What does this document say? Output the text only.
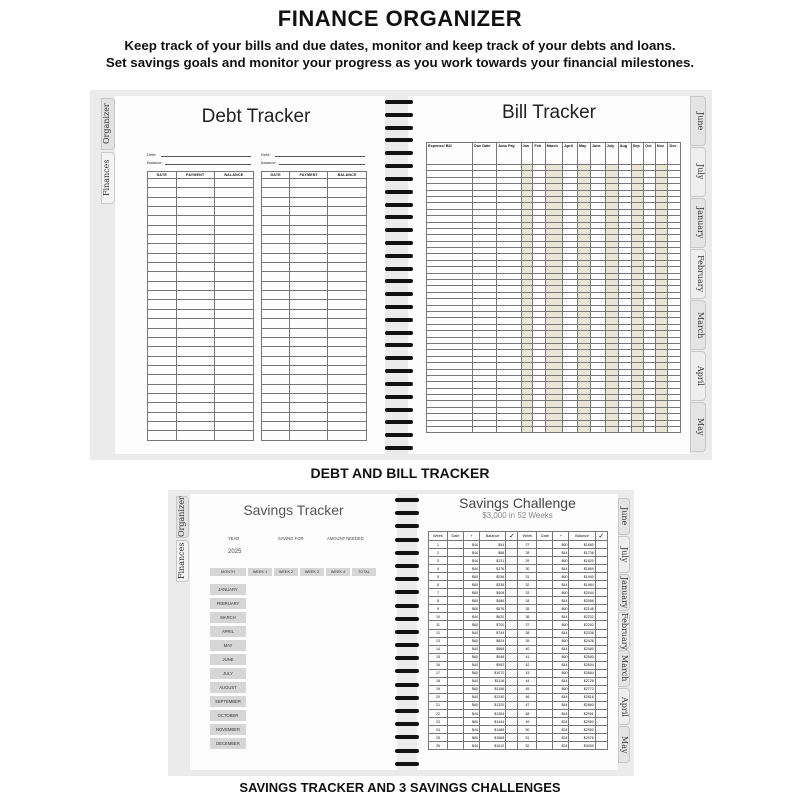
FINANCE ORGANIZER
Keep track of your bills and due dates, monitor and keep track of your debts and loans.
Set savings goals and monitor your progress as you work towards your financial milestones.
Debt Tracker
Debt:
Balance:
Debt:
Balance:
DATE	PAYMENT	BALANCE

			DATE	PAYMENT	BALANCE

Organizer
Finances
Bill Tracker
Expense/ Bill	Due Date	Auto Pay	Jan	Feb	March	April	May	June	July	Aug	Sep	Oct	Nov	Dec

June
July
January
February
March
April
May
DEBT AND BILL TRACKER
Savings Tracker
YEAR
2025
SAVING FOR	AMOUNT NEEDED
MONTH	WEEK 1	WEEK 2	WEEK 3	WEEK 4	TOTAL
JANUARY
FEBRUARY
MARCH
APRIL
MAY
JUNE
JULY
AUGUST
SEPTEMBER
OCTOBER
NOVEMBER
DECEMBER
Organizer
Finances
Savings Challenge
$3,000 in 52 Weeks
Week	Date	+	Balance	✓	Week	Date	+	Balance	✓
1		$44	$44		27		$60	$1680	
2		$44	$88		28		$44	$1736	
3		$44	$131		29		$60	$1820	
4		$44	$176		30		$44	$1869	
5		$60	$256		31		$60	$1940	
6		$60	$336		32		$44	$1984	
7		$60	$408		33		$60	$2044	
8		$60	$486		34		$44	$2088	
9		$60	$576		35		$60	$2148	
10		$44	$620		36		$44	$2232	
11		$60	$700		37		$60	$2292	
12		$44	$744		38		$44	$2336	
13		$60	$824		39		$60	$2426	
14		$44	$868		40		$44	$2460	
15		$60	$948		41		$60	$2560	
16		$44	$992		42		$44	$2604	
17		$60	$1072		43		$60	$2684	
18		$44	$1116		44		$44	$2728	
19		$60	$1196		45		$60	$2772	
20		$44	$1240		46		$44	$2816	
21		$60	$1320		47		$44	$2860	
22		$44	$1364		48		$44	$2901	
23		$60	$1444		49		$24	$2950	
24		$44	$1488		50		$24	$2952	
25		$60	$1568		51		$24	$2976	
26		$44	$1612		52		$24	$3000	
June
July
January
February
March
April
May
SAVINGS TRACKER AND 3 SAVINGS CHALLENGES
